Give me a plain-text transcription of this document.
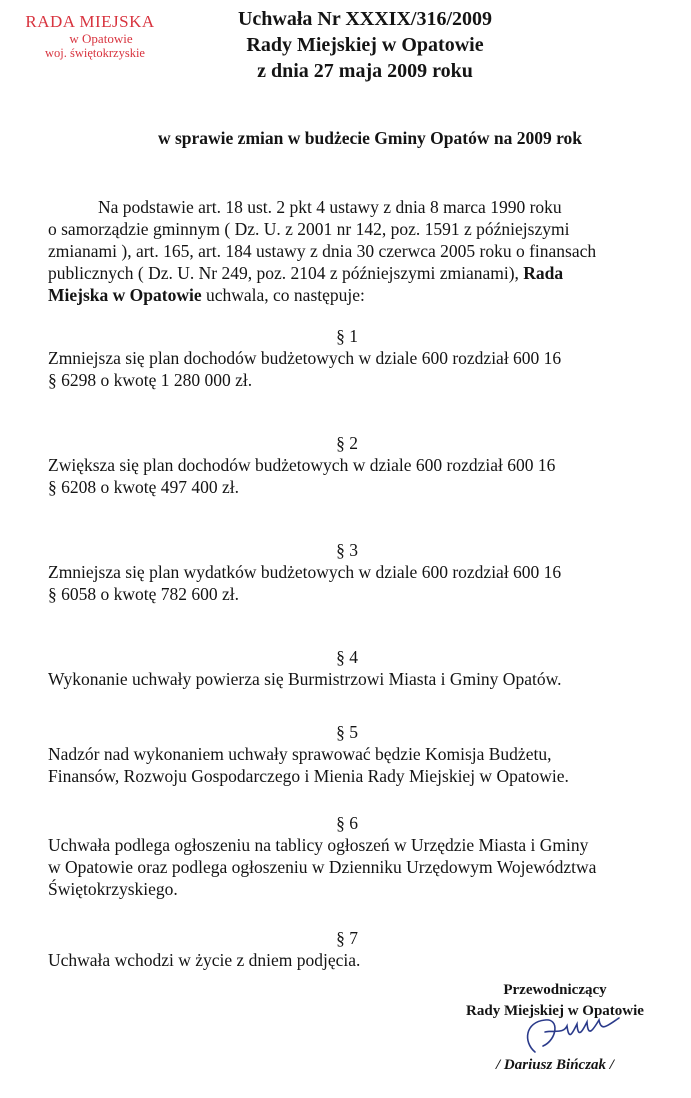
RADA MIEJSKA
w Opatowie
woj. świętokrzyskie
Uchwała Nr XXXIX/316/2009
Rady Miejskiej w Opatowie
z dnia 27 maja 2009 roku
w sprawie zmian w budżecie Gminy Opatów na 2009 rok

Na podstawie art. 18 ust. 2 pkt 4 ustawy z dnia 8 marca 1990 roku

o samorządzie gminnym ( Dz. U. z 2001 nr 142, poz. 1591 z późniejszymi

zmianami ), art. 165, art. 184 ustawy z dnia 30 czerwca 2005 roku o finansach

publicznych ( Dz. U. Nr 249, poz. 2104 z późniejszymi zmianami), Rada

Miejska w Opatowie uchwala, co następuje:

§ 1

Zmniejsza się plan dochodów budżetowych w dziale 600 rozdział 600 16

§ 6298 o kwotę 1 280 000 zł.

§ 2

Zwiększa się plan dochodów budżetowych w dziale 600 rozdział 600 16

§ 6208 o kwotę 497 400 zł.

§ 3

Zmniejsza się plan wydatków budżetowych w dziale 600 rozdział 600 16

§ 6058 o kwotę 782 600 zł.

§ 4

Wykonanie uchwały powierza się Burmistrzowi Miasta i Gminy Opatów.

§ 5

Nadzór nad wykonaniem uchwały sprawować będzie Komisja Budżetu,

Finansów, Rozwoju Gospodarczego i Mienia Rady Miejskiej w Opatowie.

§ 6

Uchwała podlega ogłoszeniu na tablicy ogłoszeń w Urzędzie Miasta i Gminy

w Opatowie oraz podlega ogłoszeniu w Dzienniku Urzędowym Województwa

Świętokrzyskiego.

§ 7

Uchwała wchodzi w życie z dniem podjęcia.

Przewodniczący
Rady Miejskiej w Opatowie
/ Dariusz Bińczak /
